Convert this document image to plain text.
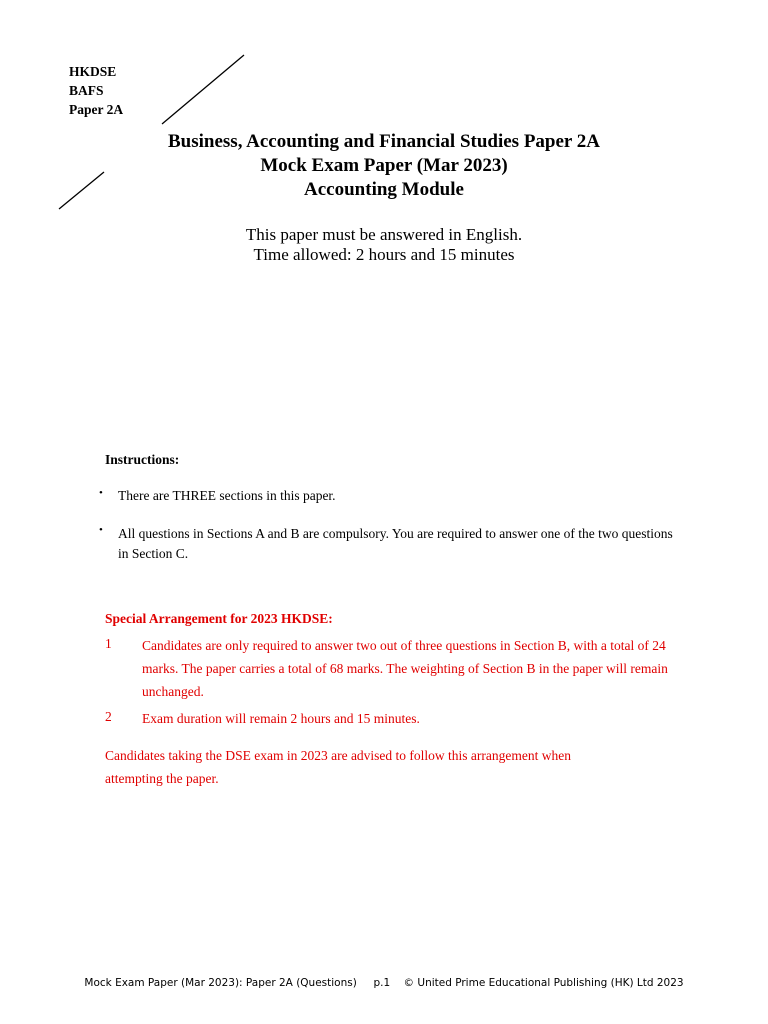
HKDSE
BAFS
Paper 2A
Business, Accounting and Financial Studies Paper 2A
Mock Exam Paper (Mar 2023)
Accounting Module
This paper must be answered in English.
Time allowed: 2 hours and 15 minutes
Instructions:
• There are THREE sections in this paper.
• All questions in Sections A and B are compulsory. You are required to answer one of the two questions in Section C.
Special Arrangement for 2023 HKDSE:
1 Candidates are only required to answer two out of three questions in Section B, with a total of 24 marks. The paper carries a total of 68 marks. The weighting of Section B in the paper will remain unchanged.
2 Exam duration will remain 2 hours and 15 minutes.
Candidates taking the DSE exam in 2023 are advised to follow this arrangement when attempting the paper.
Mock Exam Paper (Mar 2023): Paper 2A (Questions)     p.1    © United Prime Educational Publishing (HK) Ltd 2023
